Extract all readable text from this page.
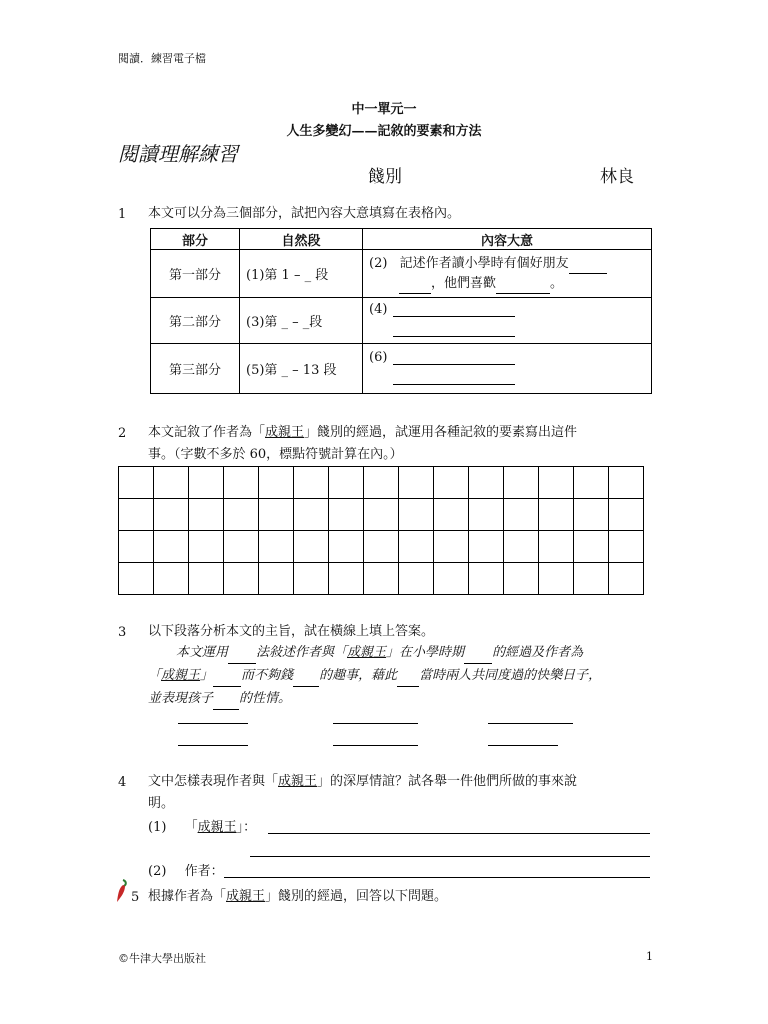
閱讀．練習電子檔
中一單元一
人生多變幻——記敘的要素和方法
閱讀理解練習
餞別	林良
1 本文可以分為三個部分，試把內容大意填寫在表格內。
部分	自然段	內容大意
第一部分	(1)第 1 – _ 段	(2) 記述作者讀小學時有個好朋友
，他們喜歡 。
第二部分	(3)第 _ – _段	(4)

第三部分	(5)第 _ – 13 段	(6)
2 本文記敘了作者為「成親王」餞別的經過，試運用各種記敘的要素寫出這件
事。（字數不多於 60，標點符號計算在內。）

3 以下段落分析本文的主旨，試在橫線上填上答案。
本文運用 法敍述作者與「成親王」在小學時期 的經過及作者為
「成親王」 而不夠錢 的趣事，藉此 當時兩人共同度過的快樂日子，
並表現孩子 的性情。
4 文中怎樣表現作者與「成親王」的深厚情誼？試各舉一件他們所做的事來說
明。
(1) 「成親王」：
(2) 作者：
5 根據作者為「成親王」餞別的經過，回答以下問題。
©牛津大學出版社	1
